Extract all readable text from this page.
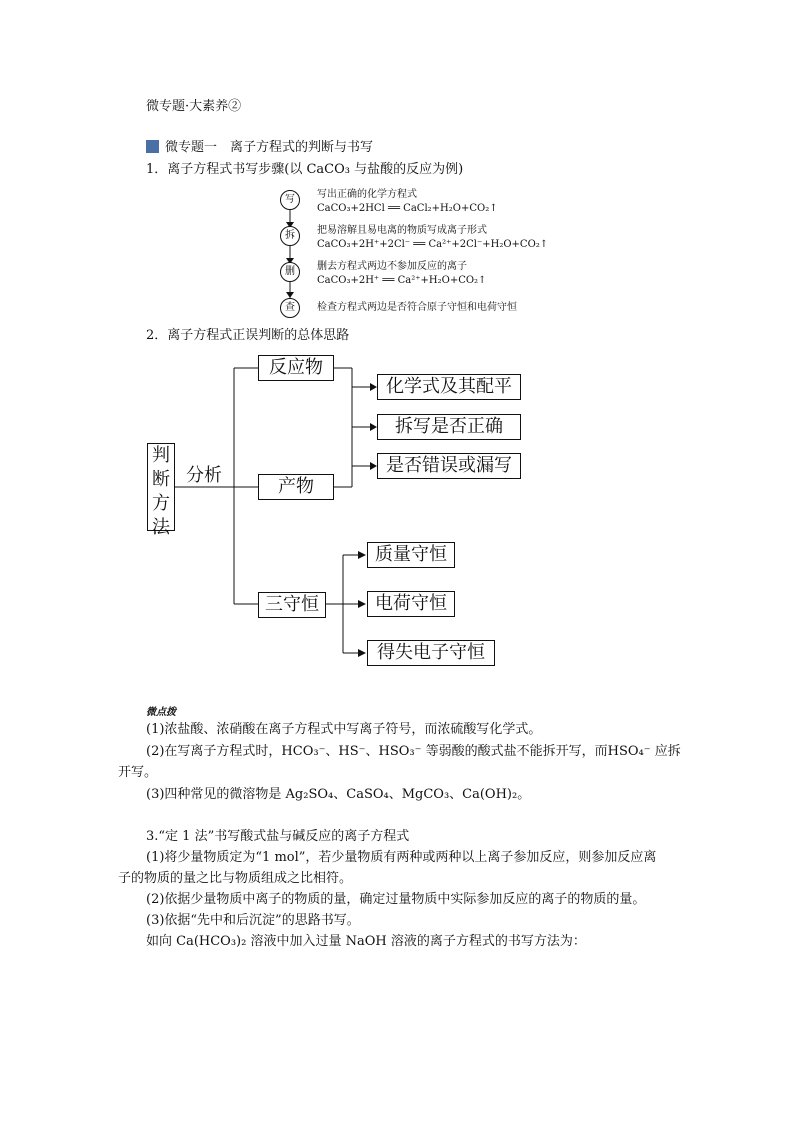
微专题·大素养②
微专题一　离子方程式的判断与书写
1．离子方程式书写步骤(以 CaCO₃ 与盐酸的反应为例)
写
拆
删
查
写出正确的化学方程式
CaCO₃+2HCl ══ CaCl₂+H₂O+CO₂↑
把易溶解且易电离的物质写成离子形式
CaCO₃+2H⁺+2Cl⁻ ══ Ca²⁺+2Cl⁻+H₂O+CO₂↑
删去方程式两边不参加反应的离子
CaCO₃+2H⁺ ══ Ca²⁺+H₂O+CO₂↑
检查方程式两边是否符合原子守恒和电荷守恒
2．离子方程式正误判断的总体思路
判断方法
分析
反应物
产物
三守恒
化学式及其配平
拆写是否正确
是否错误或漏写
质量守恒
电荷守恒
得失电子守恒
微点拨
(1)浓盐酸、浓硝酸在离子方程式中写离子符号，而浓硫酸写化学式。
(2)在写离子方程式时，HCO₃⁻、HS⁻、HSO₃⁻ 等弱酸的酸式盐不能拆开写，而HSO₄⁻ 应拆
开写。
(3)四种常见的微溶物是 Ag₂SO₄、CaSO₄、MgCO₃、Ca(OH)₂。
3.“定 1 法”书写酸式盐与碱反应的离子方程式
(1)将少量物质定为“1 mol”，若少量物质有两种或两种以上离子参加反应，则参加反应离
子的物质的量之比与物质组成之比相符。
(2)依据少量物质中离子的物质的量，确定过量物质中实际参加反应的离子的物质的量。
(3)依据“先中和后沉淀”的思路书写。
如向 Ca(HCO₃)₂ 溶液中加入过量 NaOH 溶液的离子方程式的书写方法为：
